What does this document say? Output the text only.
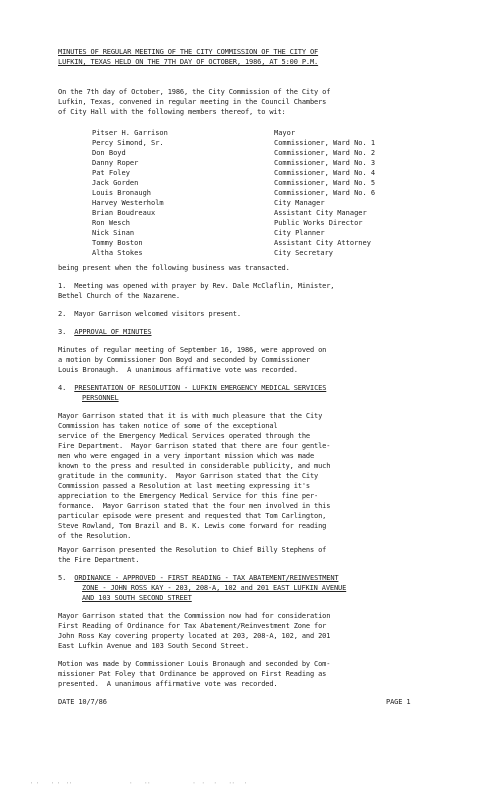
MINUTES OF REGULAR MEETING OF THE CITY COMMISSION OF THE CITY OF
LUFKIN, TEXAS HELD ON THE 7TH DAY OF OCTOBER, 1986, AT 5:00 P.M.
On the 7th day of October, 1986, the City Commission of the City of
Lufkin, Texas, convened in regular meeting in the Council Chambers
of City Hall with the following members thereof, to wit:
Pitser H. Garrison	Mayor
Percy Simond, Sr.	Commissioner, Ward No. 1
Don Boyd	Commissioner, Ward No. 2
Danny Roper	Commissioner, Ward No. 3
Pat Foley	Commissioner, Ward No. 4
Jack Gorden	Commissioner, Ward No. 5
Louis Bronaugh	Commissioner, Ward No. 6
Harvey Westerholm	City Manager
Brian Boudreaux	Assistant City Manager
Ron Wesch	Public Works Director
Nick Sinan	City Planner
Tommy Boston	Assistant City Attorney
Altha Stokes	City Secretary
being present when the following business was transacted.
1.  Meeting was opened with prayer by Rev. Dale McClaflin, Minister,
Bethel Church of the Nazarene.
2.  Mayor Garrison welcomed visitors present.
3.  APPROVAL OF MINUTES
Minutes of regular meeting of September 16, 1986, were approved on
a motion by Commissioner Don Boyd and seconded by Commissioner
Louis Bronaugh.  A unanimous affirmative vote was recorded.
4.  PRESENTATION OF RESOLUTION - LUFKIN EMERGENCY MEDICAL SERVICES
PERSONNEL
Mayor Garrison stated that it is with much pleasure that the City
Commission has taken notice of some of the exceptional
service of the Emergency Medical Services operated through the
Fire Department.  Mayor Garrison stated that there are four gentle-
men who were engaged in a very important mission which was made
known to the press and resulted in considerable publicity, and much
gratitude in the community.  Mayor Garrison stated that the City
Commission passed a Resolution at last meeting expressing it's
appreciation to the Emergency Medical Service for this fine per-
formance.  Mayor Garrison stated that the four men involved in this
particular episode were present and requested that Tom Carlington,
Steve Rowland, Tom Brazil and B. K. Lewis come forward for reading
of the Resolution.
Mayor Garrison presented the Resolution to Chief Billy Stephens of
the Fire Department.
5.  ORDINANCE - APPROVED - FIRST READING - TAX ABATEMENT/REINVESTMENT
ZONE - JOHN ROSS KAY - 203, 208-A, 102 and 201 EAST LUFKIN AVENUE
AND 103 SOUTH SECOND STREET
Mayor Garrison stated that the Commission now had for consideration
First Reading of Ordinance for Tax Abatement/Reinvestment Zone for
John Ross Kay covering property located at 203, 208-A, 102, and 201
East Lufkin Avenue and 103 South Second Street.
Motion was made by Commissioner Louis Bronaugh and seconded by Com-
missioner Pat Foley that Ordinance be approved on First Reading as
presented.  A unanimous affirmative vote was recorded.
DATE 10/7/86	PAGE 1
' '    ' '  ''                   '    ''              '  '   '    ''   '
